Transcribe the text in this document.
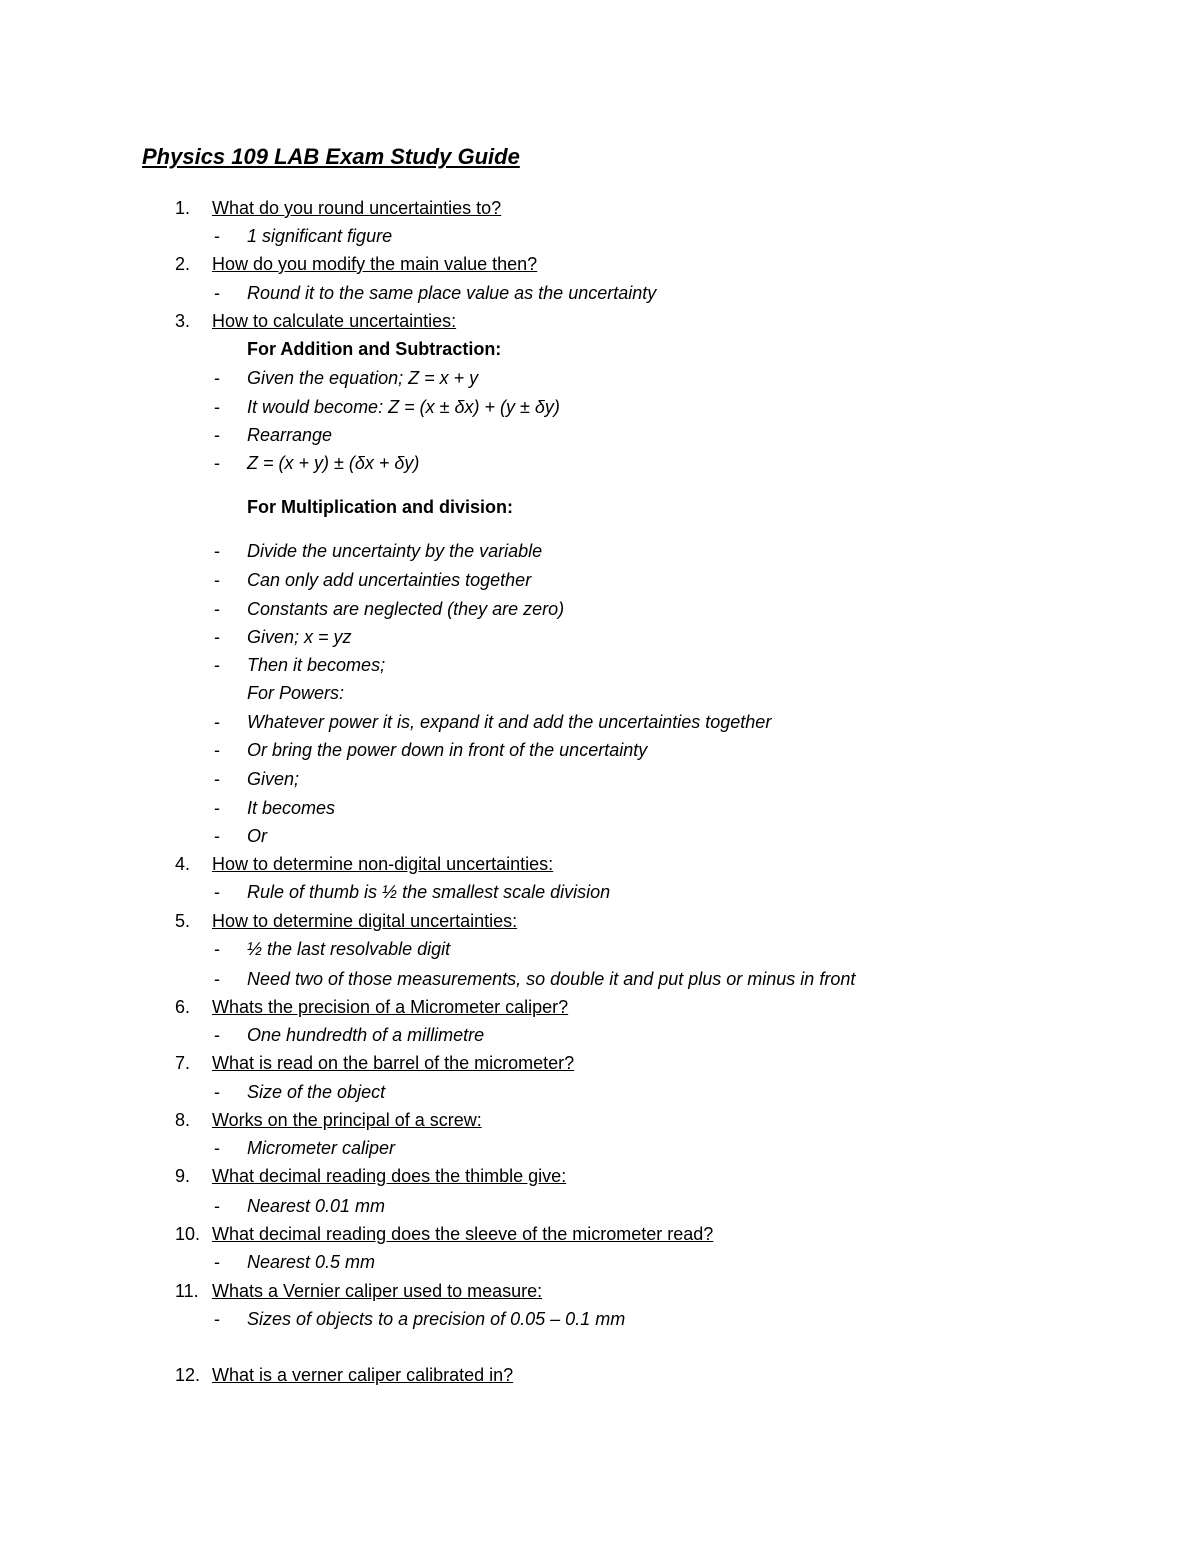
Physics 109 LAB Exam Study Guide
1.	What do you round uncertainties to?
- 1 significant figure
2.	How do you modify the main value then?
- Round it to the same place value as the uncertainty
3.	How to calculate uncertainties:
For Addition and Subtraction:
- Given the equation; Z = x + y
- It would become: Z = (x ± δx) + (y ± δy)
- Rearrange
- Z = (x + y) ± (δx + δy)
For Multiplication and division:
- Divide the uncertainty by the variable
- Can only add uncertainties together
- Constants are neglected (they are zero)
- Given; x = yz
- Then it becomes;
For Powers:
- Whatever power it is, expand it and add the uncertainties together
- Or bring the power down in front of the uncertainty
- Given;
- It becomes
- Or
4.	How to determine non-digital uncertainties:
- Rule of thumb is ½ the smallest scale division
5.	How to determine digital uncertainties:
- ½ the last resolvable digit
- Need two of those measurements, so double it and put plus or minus in front
6.	Whats the precision of a Micrometer caliper?
- One hundredth of a millimetre
7.	What is read on the barrel of the micrometer?
- Size of the object
8.	Works on the principal of a screw:
- Micrometer caliper
9.	What decimal reading does the thimble give:
- Nearest 0.01 mm
10. What decimal reading does the sleeve of the micrometer read?
- Nearest 0.5 mm
11. Whats a Vernier caliper used to measure:
- Sizes of objects to a precision of 0.05 – 0.1 mm
12. What is a verner caliper calibrated in?
